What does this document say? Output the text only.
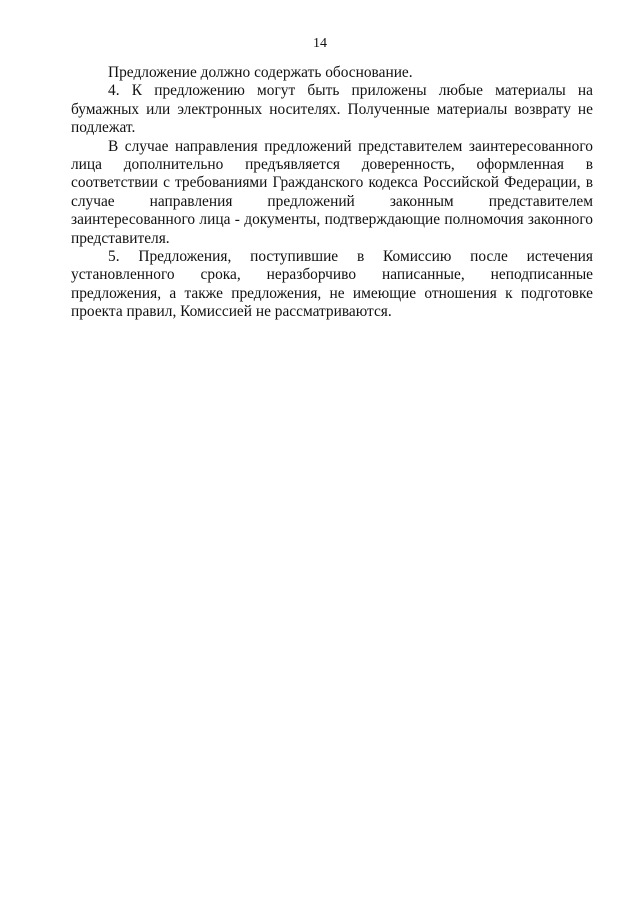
14

Предложение должно содержать обоснование.

4. К предложению могут быть приложены любые материалы на бумажных или электронных носителях. Полученные материалы возврату не подлежат.

В случае направления предложений представителем заинтересованного лица дополнительно предъявляется доверенность, оформленная в соответствии с требованиями Гражданского кодекса Российской Федерации, в случае направления предложений законным представителем заинтересованного лица - документы, подтверждающие полномочия законного представителя.

5. Предложения, поступившие в Комиссию после истечения установленного срока, неразборчиво написанные, неподписанные предложения, а также предложения, не имеющие отношения к подготовке проекта правил, Комиссией не рассматриваются.
